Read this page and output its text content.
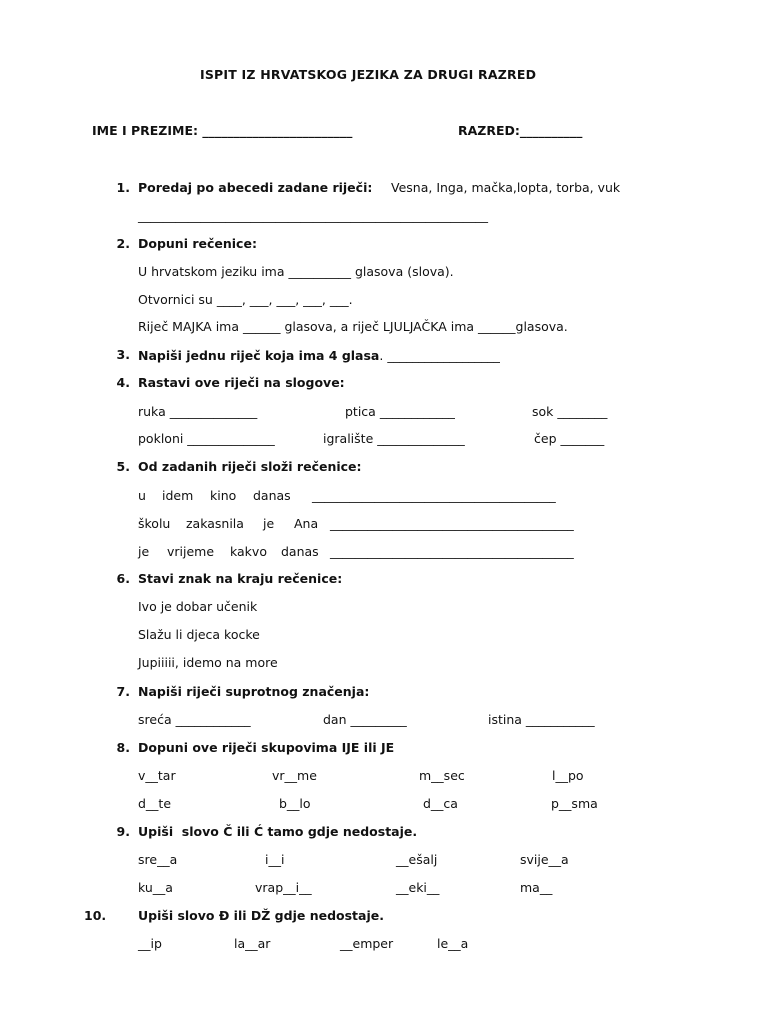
ISPIT IZ HRVATSKOG JEZIKA ZA DRUGI RAZRED
IME I PREZIME: ________________________	RAZRED:__________
1. Poredaj po abecedi zadane riječi: Vesna, Inga, mačka,lopta, torba, vuk
________________________________________________________
2. Dopuni rečenice:
U hrvatskom jeziku ima __________ glasova (slova).
Otvornici su ____, ___, ___, ___, ___.
Riječ MAJKA ima ______ glasova, a riječ LJULJAČKA ima ______glasova.
3. Napiši jednu riječ koja ima 4 glasa. __________________
4. Rastavi ove riječi na slogove:
ruka ______________	ptica ____________	sok ________
pokloni ______________	igralište ______________	čep _______
5. Od zadanih riječi složi rečenice:
u idem kino danas _______________________________________
školu zakasnila je Ana _______________________________________
je vrijeme kakvo danas _______________________________________
6. Stavi znak na kraju rečenice:
Ivo je dobar učenik
Slažu li djeca kocke
Jupiiiii, idemo na more
7. Napiši riječi suprotnog značenja:
sreća ____________	dan _________	istina ___________
8. Dopuni ove riječi skupovima IJE ili JE
v__tar	vr__me	m__sec	l__po
d__te	b__lo	d__ca	p__sma
9. Upiši  slovo Č ili Ć tamo gdje nedostaje.
sre__a	i__i	__ešalj	svije__a
ku__a	vrap__i__	__eki__	ma__
10.	Upiši slovo Đ ili DŽ gdje nedostaje.
__ip	la__ar	__emper	le__a
